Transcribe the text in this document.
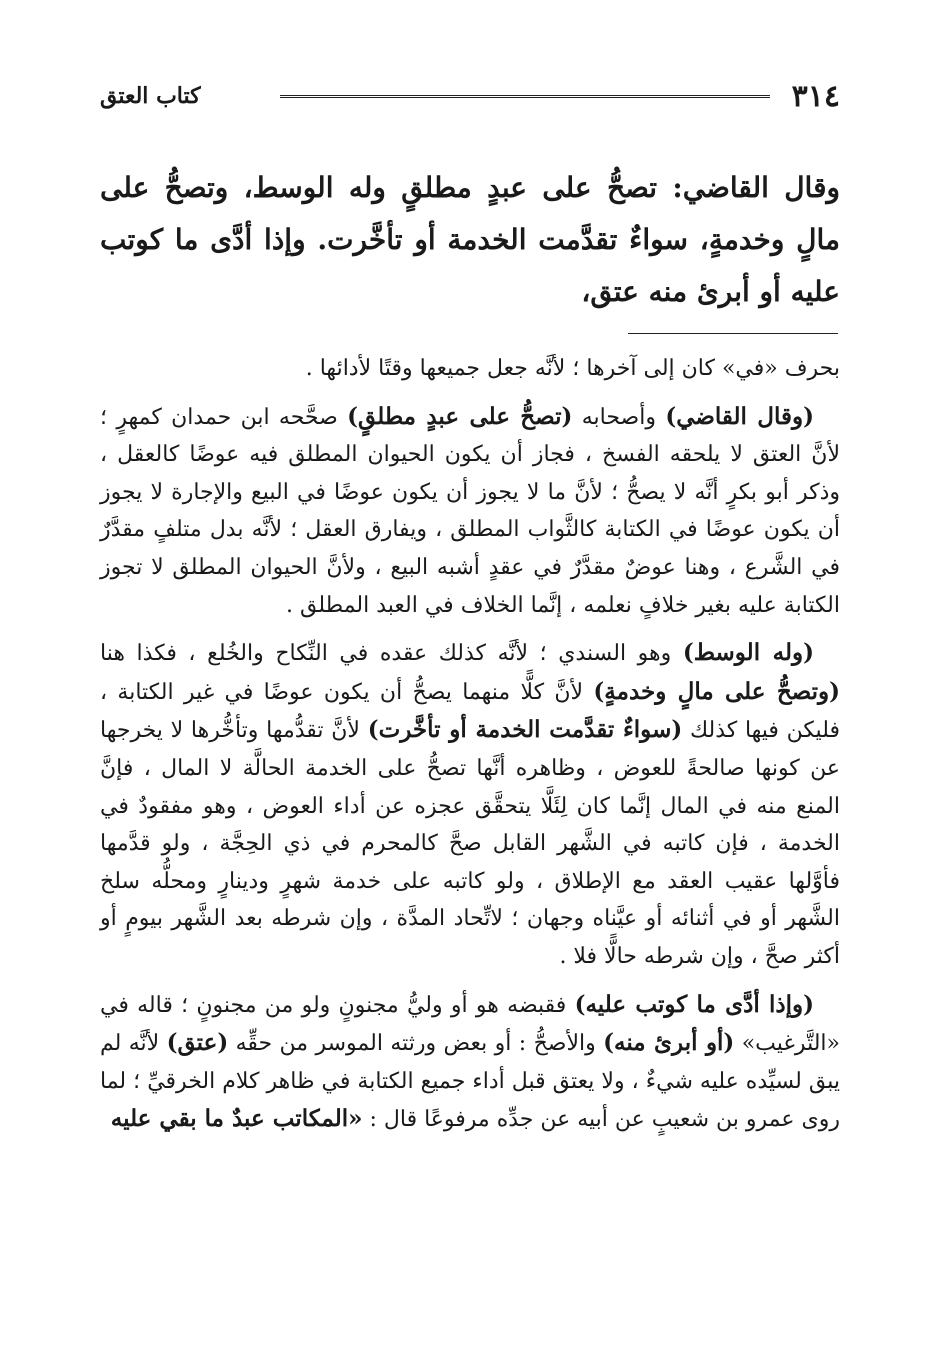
٣١٤
كتاب العتق
وقال القاضي: تصحُّ على عبدٍ مطلقٍ وله الوسط، وتصحُّ على مالٍ وخدمةٍ، سواءٌ تقدَّمت الخدمة أو تأخَّرت. وإذا أدَّى ما كوتب عليه أو أبرئ منه عتق،

بحرف «في» كان إلى آخرها ؛ لأنَّه جعل جميعها وقتًا لأدائها .

(وقال القاضي) وأصحابه (تصحُّ على عبدٍ مطلقٍ) صحَّحه ابن حمدان كمهرٍ ؛ لأنَّ العتق لا يلحقه الفسخ ، فجاز أن يكون الحيوان المطلق فيه عوضًا كالعقل ، وذكر أبو بكرٍ أنَّه لا يصحُّ ؛ لأنَّ ما لا يجوز أن يكون عوضًا في البيع والإجارة لا يجوز أن يكون عوضًا في الكتابة كالثَّواب المطلق ، ويفارق العقل ؛ لأنَّه بدل متلفٍ مقدَّرٌ في الشَّرع ، وهنا عوضٌ مقدَّرٌ في عقدٍ أشبه البيع ، ولأنَّ الحيوان المطلق لا تجوز الكتابة عليه بغير خلافٍ نعلمه ، إنَّما الخلاف في العبد المطلق .

(وله الوسط) وهو السندي ؛ لأنَّه كذلك عقده في النِّكاح والخُلع ، فكذا هنا (وتصحُّ على مالٍ وخدمةٍ) لأنَّ كلًّا منهما يصحُّ أن يكون عوضًا في غير الكتابة ، فليكن فيها كذلك (سواءٌ تقدَّمت الخدمة أو تأخَّرت) لأنَّ تقدُّمها وتأخُّرها لا يخرجها عن كونها صالحةً للعوض ، وظاهره أنَّها تصحُّ على الخدمة الحالَّة لا المال ، فإنَّ المنع منه في المال إنَّما كان لِئَلَّا يتحقَّق عجزه عن أداء العوض ، وهو مفقودٌ في الخدمة ، فإن كاتبه في الشَّهر القابل صحَّ كالمحرم في ذي الحِجَّة ، ولو قدَّمها فأوَّلها عقيب العقد مع الإطلاق ، ولو كاتبه على خدمة شهرٍ ودينارٍ ومحلُّه سلخ الشَّهر أو في أثنائه أو عيَّناه وجهان ؛ لاتِّحاد المدَّة ، وإن شرطه بعد الشَّهر بيومٍ أو أكثر صحَّ ، وإن شرطه حالًّا فلا .

(وإذا أدَّى ما كوتب عليه) فقبضه هو أو وليُّ مجنونٍ ولو من مجنونٍ ؛ قاله في «التَّرغيب» (أو أبرئ منه) والأصحُّ : أو بعض ورثته الموسر من حقِّه (عتق) لأنَّه لم يبق لسيِّده عليه شيءٌ ، ولا يعتق قبل أداء جميع الكتابة في ظاهر كلام الخرقيِّ ؛ لما روى عمرو بن شعيبٍ عن أبيه عن جدِّه مرفوعًا قال : «المكاتب عبدٌ ما بقي عليه
